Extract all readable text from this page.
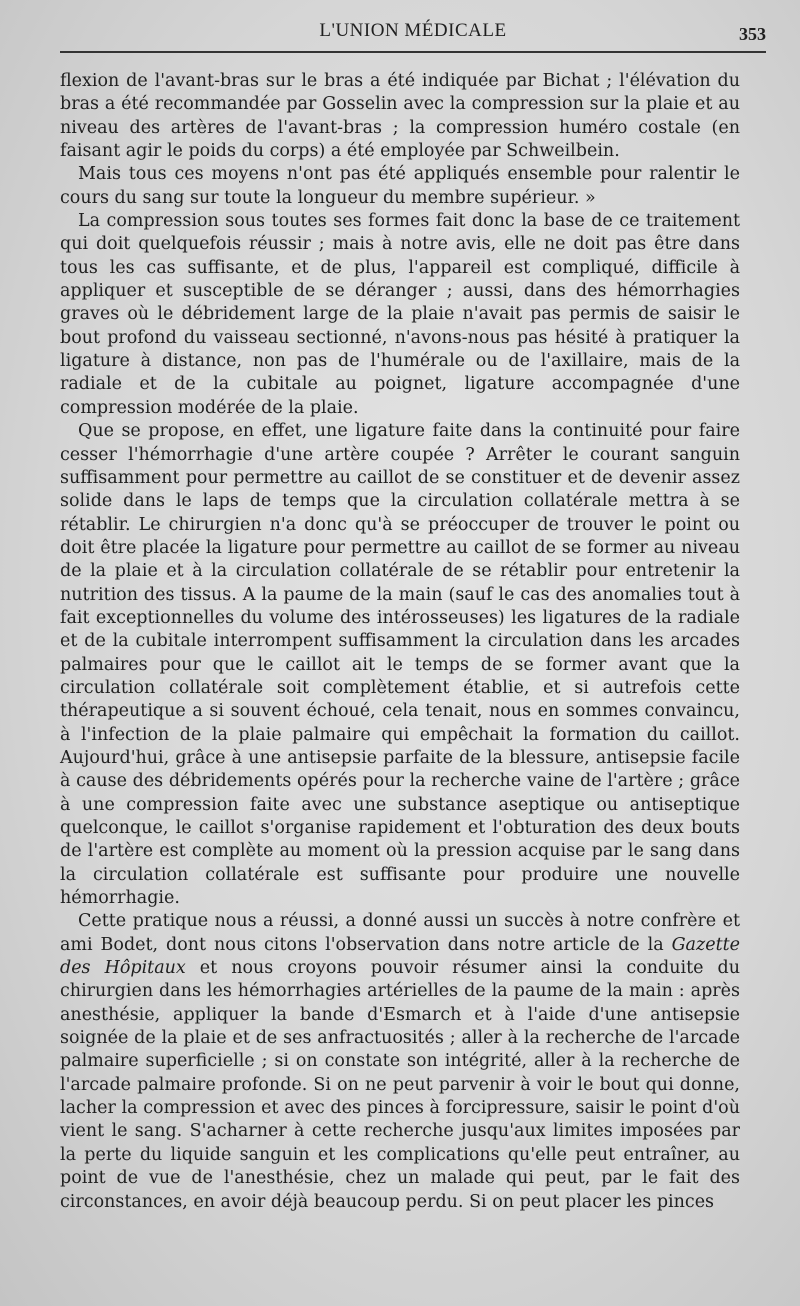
L'UNION MÉDICALE	353

flexion de l'avant-bras sur le bras a été indiquée par Bichat ; l'élévation du bras a été recommandée par Gosselin avec la compression sur la plaie et au niveau des artères de l'avant-bras ; la compression huméro costale (en faisant agir le poids du corps) a été employée par Schweilbein.

Mais tous ces moyens n'ont pas été appliqués ensemble pour ralentir le cours du sang sur toute la longueur du membre supérieur. »

La compression sous toutes ses formes fait donc la base de ce traitement qui doit quelquefois réussir ; mais à notre avis, elle ne doit pas être dans tous les cas suffisante, et de plus, l'appareil est compliqué, difficile à appliquer et susceptible de se déranger ; aussi, dans des hémorrhagies graves où le débridement large de la plaie n'avait pas permis de saisir le bout profond du vaisseau sectionné, n'avons-nous pas hésité à pratiquer la ligature à distance, non pas de l'humérale ou de l'axillaire, mais de la radiale et de la cubitale au poignet, ligature accompagnée d'une compression modérée de la plaie.

Que se propose, en effet, une ligature faite dans la continuité pour faire cesser l'hémorrhagie d'une artère coupée ? Arrêter le courant sanguin suffisamment pour permettre au caillot de se constituer et de devenir assez solide dans le laps de temps que la circulation collatérale mettra à se rétablir. Le chirurgien n'a donc qu'à se préoccuper de trouver le point ou doit être placée la ligature pour permettre au caillot de se former au niveau de la plaie et à la circulation collatérale de se rétablir pour entretenir la nutrition des tissus. A la paume de la main (sauf le cas des anomalies tout à fait exceptionnelles du volume des intérosseuses) les ligatures de la radiale et de la cubitale interrompent suffisamment la circulation dans les arcades palmaires pour que le caillot ait le temps de se former avant que la circulation collatérale soit complètement établie, et si autrefois cette thérapeutique a si souvent échoué, cela tenait, nous en sommes convaincu, à l'infection de la plaie palmaire qui empêchait la formation du caillot. Aujourd'hui, grâce à une antisepsie parfaite de la blessure, antisepsie facile à cause des débridements opérés pour la recherche vaine de l'artère ; grâce à une compression faite avec une substance aseptique ou antiseptique quelconque, le caillot s'organise rapidement et l'obturation des deux bouts de l'artère est complète au moment où la pression acquise par le sang dans la circulation collatérale est suffisante pour produire une nouvelle hémorrhagie.

Cette pratique nous a réussi, a donné aussi un succès à notre confrère et ami Bodet, dont nous citons l'observation dans notre article de la Gazette des Hôpitaux et nous croyons pouvoir résumer ainsi la conduite du chirurgien dans les hémorrhagies artérielles de la paume de la main : après anesthésie, appliquer la bande d'Esmarch et à l'aide d'une antisepsie soignée de la plaie et de ses anfractuosités ; aller à la recherche de l'arcade palmaire superficielle ; si on constate son intégrité, aller à la recherche de l'arcade palmaire profonde. Si on ne peut parvenir à voir le bout qui donne, lacher la compression et avec des pinces à forcipressure, saisir le point d'où vient le sang. S'acharner à cette recherche jusqu'aux limites imposées par la perte du liquide sanguin et les complications qu'elle peut entraîner, au point de vue de l'anesthésie, chez un malade qui peut, par le fait des circonstances, en avoir déjà beaucoup perdu. Si on peut placer les pinces
